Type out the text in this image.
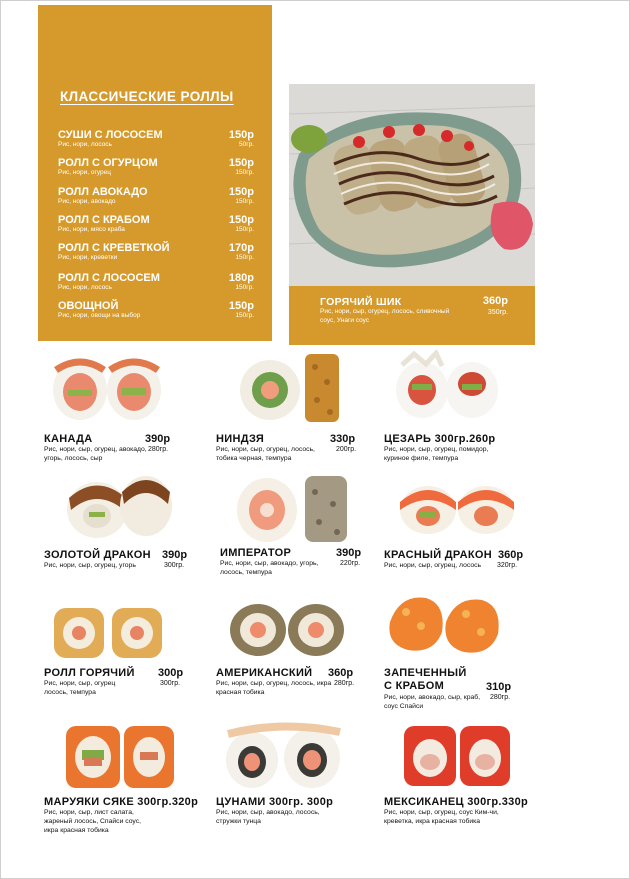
КЛАССИЧЕСКИЕ РОЛЛЫ
СУШИ С ЛОСОСЕМ	150р
Рис, нори, лосось	50гр.
РОЛЛ С ОГУРЦОМ	150р
Рис, нори, огурец	150гр.
РОЛЛ АВОКАДО	150р
Рис, нори, авокадо	150гр.
РОЛЛ С КРАБОМ	150р
Рис, нори, мясо краба	150гр.
РОЛЛ С КРЕВЕТКОЙ	170р
Рис, нори, креветки	150гр.
РОЛЛ С ЛОСОСЕМ	180р
Рис, нори, лосось	150гр.
ОВОЩНОЙ	150р
Рис, нори, овощи на выбор	150гр.
ГОРЯЧИЙ ШИК	360р
350гр.
Рис, нори, сыр, огурец, лосось, сливочный соус, Унаги соус
КАНАДА	390р
280гр.
Рис, нори, сыр, огурец, авокадо, угорь, лосось, сыр
НИНДЗЯ	330р
200гр.
Рис, нори, сыр, огурец, лосось, тобика черная, темпура
ЦЕЗАРЬ 300гр.260р
Рис, нори, сыр, огурец, помидор, куриное филе, темпура
ЗОЛОТОЙ ДРАКОН 390р
300гр.
Рис, нори, сыр, огурец, угорь
ИМПЕРАТОР	390р
220гр.
Рис, нори, сыр, авокадо, угорь, лосось, темпура
КРАСНЫЙ ДРАКОН 360р
320гр.
Рис, нори, сыр, огурец, лосось
РОЛЛ ГОРЯЧИЙ 300р
300гр.
Рис, нори, сыр, огурец лосось, темпура
АМЕРИКАНСКИЙ 360р
280гр.
Рис, нори, сыр, огурец, лосось, икра красная тобика
ЗАПЕЧЕННЫЙ
С КРАБОМ	310р
280гр.
Рис, нори, авокадо, сыр, краб, соус Спайси
МАРУЯКИ СЯКЕ 300гр.320р
Рис, нори, сыр, лист салата, жареный лосось, Спайси соус, икра красная тобика
ЦУНАМИ 300гр. 300р
Рис, нори, сыр, авокадо, лосось, стружки тунца
МЕКСИКАНЕЦ 300гр.330р
Рис, нори, сыр, огурец, соус Ким-чи, креветка, икра красная тобика
